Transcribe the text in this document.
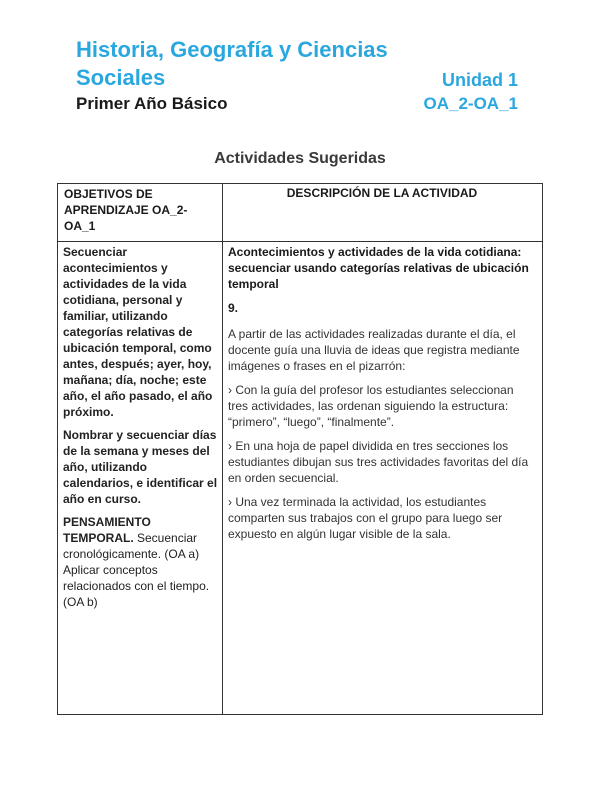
Historia, Geografía y Ciencias
Sociales	Unidad 1
Primer Año Básico	OA_2-OA_1
Actividades Sugeridas
OBJETIVOS DE APRENDIZAJE OA_2-OA_1
DESCRIPCIÓN DE LA ACTIVIDAD

Secuenciar acontecimientos y actividades de la vida cotidiana, personal y familiar, utilizando categorías relativas de ubicación temporal, como antes, después; ayer, hoy, mañana; día, noche; este año, el año pasado, el año próximo.

Nombrar y secuenciar días de la semana y meses del año, utilizando calendarios, e identificar el año en curso.

PENSAMIENTO TEMPORAL. Secuenciar cronológicamente. (OA a) Aplicar conceptos relacionados con el tiempo. (OA b)

Acontecimientos y actividades de la vida cotidiana: secuenciar usando categorías relativas de ubicación temporal

9.

A partir de las actividades realizadas durante el día, el docente guía una lluvia de ideas que registra mediante imágenes o frases en el pizarrón:

› Con la guía del profesor los estudiantes seleccionan tres actividades, las ordenan siguiendo la estructura: “primero”, “luego”, “finalmente”.

› En una hoja de papel dividida en tres secciones los estudiantes dibujan sus tres actividades favoritas del día en orden secuencial.

› Una vez terminada la actividad, los estudiantes comparten sus trabajos con el grupo para luego ser expuesto en algún lugar visible de la sala.
